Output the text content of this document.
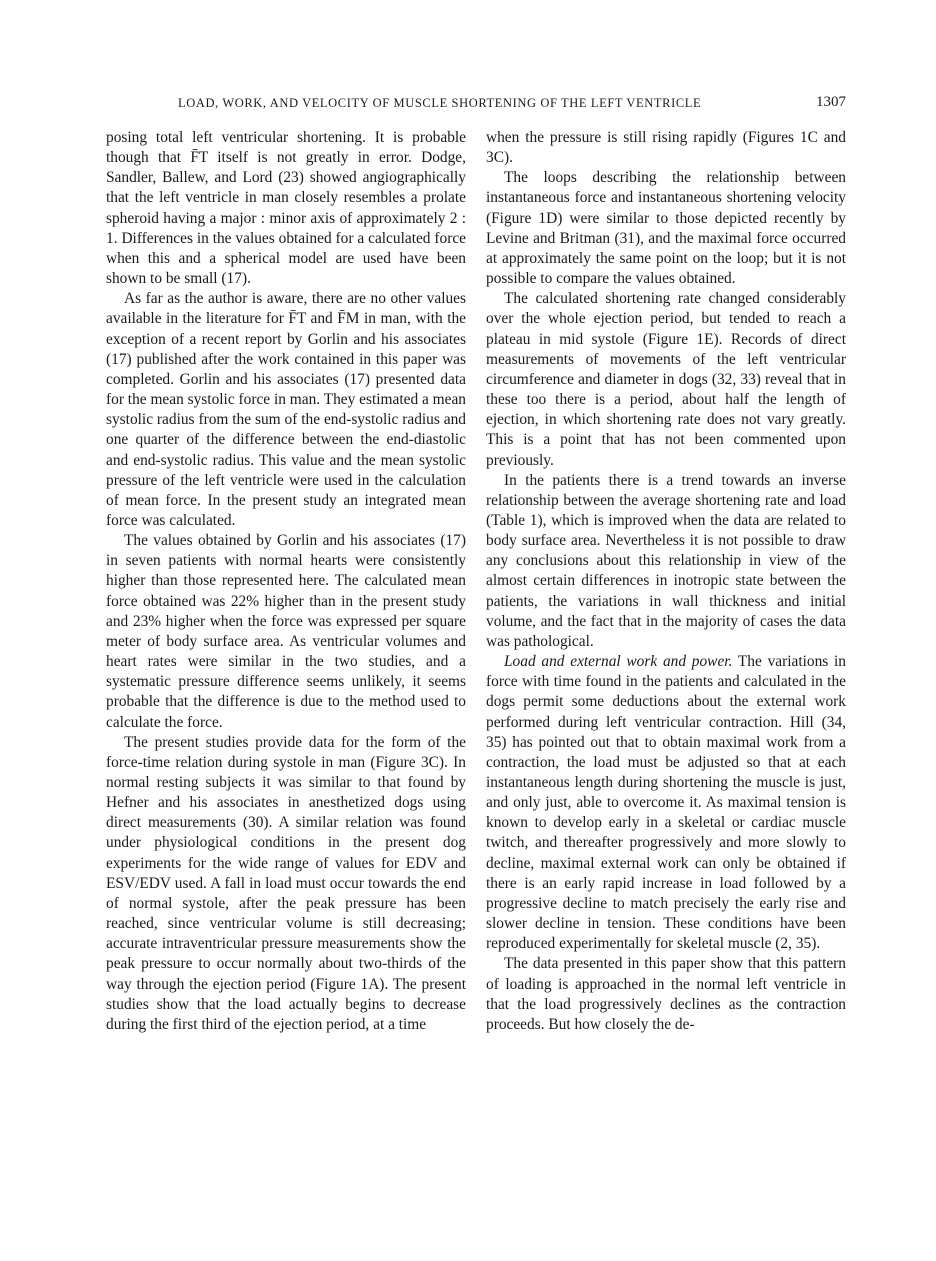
LOAD, WORK, AND VELOCITY OF MUSCLE SHORTENING OF THE LEFT VENTRICLE	1307

posing total left ventricular shortening. It is probable though that F̄T itself is not greatly in error. Dodge, Sandler, Ballew, and Lord (23) showed angiographically that the left ventricle in man closely resembles a prolate spheroid having a major : minor axis of approximately 2 : 1. Differences in the values obtained for a calculated force when this and a spherical model are used have been shown to be small (17).

As far as the author is aware, there are no other values available in the literature for F̄T and F̄M in man, with the exception of a recent report by Gorlin and his associates (17) published after the work contained in this paper was completed. Gorlin and his associates (17) presented data for the mean systolic force in man. They estimated a mean systolic radius from the sum of the end-systolic radius and one quarter of the difference between the end-diastolic and end-systolic radius. This value and the mean systolic pressure of the left ventricle were used in the calculation of mean force. In the present study an integrated mean force was calculated.

The values obtained by Gorlin and his associates (17) in seven patients with normal hearts were consistently higher than those represented here. The calculated mean force obtained was 22% higher than in the present study and 23% higher when the force was expressed per square meter of body surface area. As ventricular volumes and heart rates were similar in the two studies, and a systematic pressure difference seems unlikely, it seems probable that the difference is due to the method used to calculate the force.

The present studies provide data for the form of the force-time relation during systole in man (Figure 3C). In normal resting subjects it was similar to that found by Hefner and his associates in anesthetized dogs using direct measurements (30). A similar relation was found under physiological conditions in the present dog experiments for the wide range of values for EDV and ESV/EDV used. A fall in load must occur towards the end of normal systole, after the peak pressure has been reached, since ventricular volume is still decreasing; accurate intraventricular pressure measurements show the peak pressure to occur normally about two-thirds of the way through the ejection period (Figure 1A). The present studies show that the load actually begins to decrease during the first third of the ejection period, at a time

when the pressure is still rising rapidly (Figures 1C and 3C).

The loops describing the relationship between instantaneous force and instantaneous shortening velocity (Figure 1D) were similar to those depicted recently by Levine and Britman (31), and the maximal force occurred at approximately the same point on the loop; but it is not possible to compare the values obtained.

The calculated shortening rate changed considerably over the whole ejection period, but tended to reach a plateau in mid systole (Figure 1E). Records of direct measurements of movements of the left ventricular circumference and diameter in dogs (32, 33) reveal that in these too there is a period, about half the length of ejection, in which shortening rate does not vary greatly. This is a point that has not been commented upon previously.

In the patients there is a trend towards an inverse relationship between the average shortening rate and load (Table 1), which is improved when the data are related to body surface area. Nevertheless it is not possible to draw any conclusions about this relationship in view of the almost certain differences in inotropic state between the patients, the variations in wall thickness and initial volume, and the fact that in the majority of cases the data was pathological.

Load and external work and power. The variations in force with time found in the patients and calculated in the dogs permit some deductions about the external work performed during left ventricular contraction. Hill (34, 35) has pointed out that to obtain maximal work from a contraction, the load must be adjusted so that at each instantaneous length during shortening the muscle is just, and only just, able to overcome it. As maximal tension is known to develop early in a skeletal or cardiac muscle twitch, and thereafter progressively and more slowly to decline, maximal external work can only be obtained if there is an early rapid increase in load followed by a progressive decline to match precisely the early rise and slower decline in tension. These conditions have been reproduced experimentally for skeletal muscle (2, 35).

The data presented in this paper show that this pattern of loading is approached in the normal left ventricle in that the load progressively declines as the contraction proceeds. But how closely the de-
